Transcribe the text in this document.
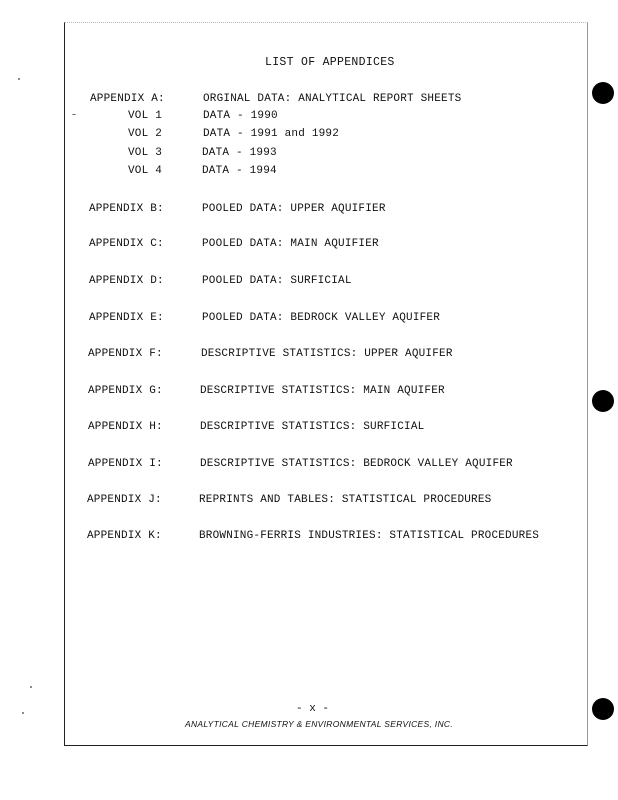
LIST OF APPENDICES
APPENDIX A:	ORGINAL DATA: ANALYTICAL REPORT SHEETS
VOL 1	DATA - 1990
VOL 2	DATA - 1991 and 1992
VOL 3	DATA - 1993
VOL 4	DATA - 1994
APPENDIX B:	POOLED DATA: UPPER AQUIFIER
APPENDIX C:	POOLED DATA: MAIN AQUIFIER
APPENDIX D:	POOLED DATA: SURFICIAL
APPENDIX E:	POOLED DATA: BEDROCK VALLEY AQUIFER
APPENDIX F:	DESCRIPTIVE STATISTICS: UPPER AQUIFER
APPENDIX G:	DESCRIPTIVE STATISTICS: MAIN AQUIFER
APPENDIX H:	DESCRIPTIVE STATISTICS: SURFICIAL
APPENDIX I:	DESCRIPTIVE STATISTICS: BEDROCK VALLEY AQUIFER
APPENDIX J:	REPRINTS AND TABLES: STATISTICAL PROCEDURES
APPENDIX K:	BROWNING-FERRIS INDUSTRIES: STATISTICAL PROCEDURES
- x -
ANALYTICAL CHEMISTRY & ENVIRONMENTAL SERVICES, INC.
